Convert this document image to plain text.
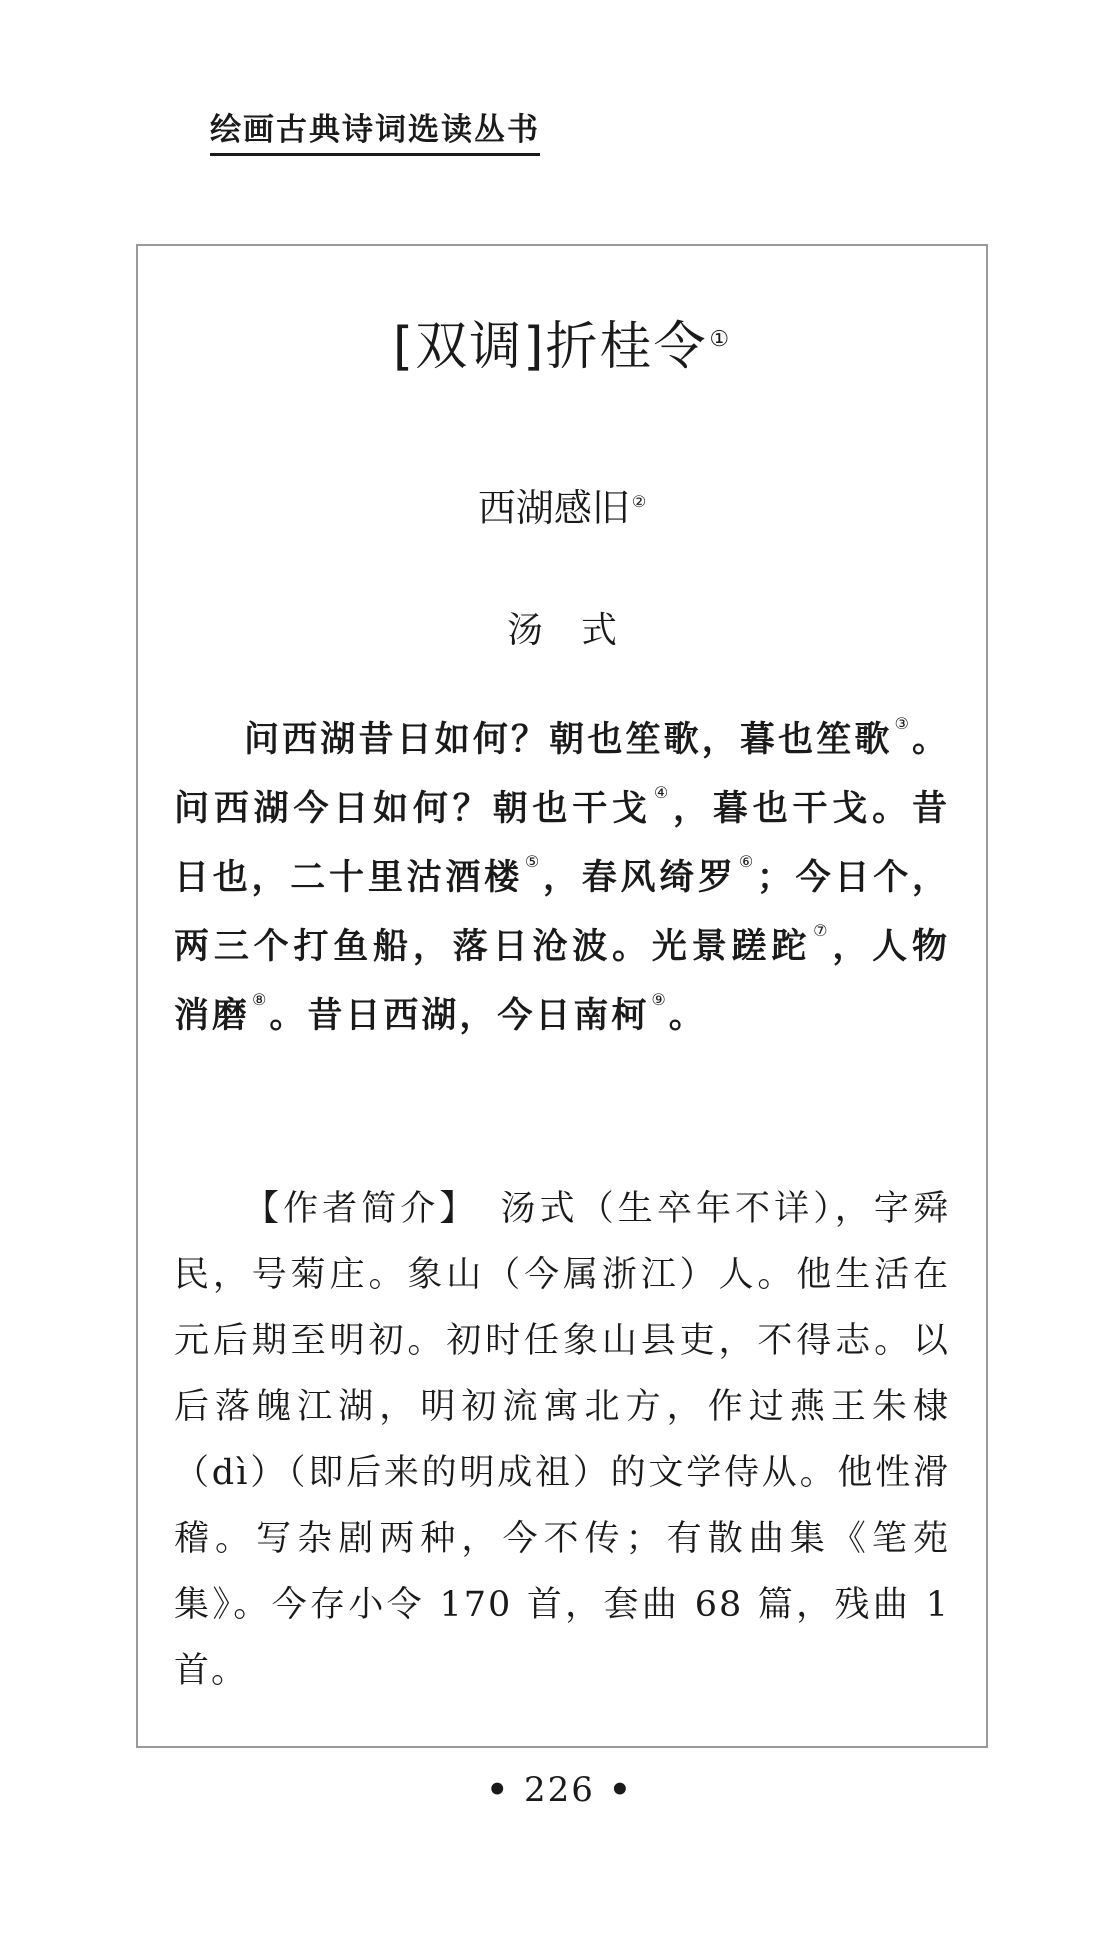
绘画古典诗词选读丛书
[双调]折桂令①
西湖感旧 ②
汤式
问西湖昔日如何？朝也笙歌，暮也笙歌 ③。问西湖今日如何？朝也干戈 ④，暮也干戈。昔日也，二十里沽酒楼 ⑤，春风绮罗 ⑥；今日个，两三个打鱼船，落日沧波。光景蹉跎 ⑦，人物消磨 ⑧。昔日西湖，今日南柯 ⑨。
【作者简介】 汤式（生卒年不详），字舜民，号菊庄。象山（今属浙江）人。他生活在元后期至明初。初时任象山县吏，不得志。以后落魄江湖，明初流寓北方，作过燕王朱棣（dì）（即后来的明成祖）的文学侍从。他性滑稽。写杂剧两种，今不传；有散曲集《笔苑集》。今存小令 170 首，套曲 68 篇，残曲 1 首。
• 226 •
